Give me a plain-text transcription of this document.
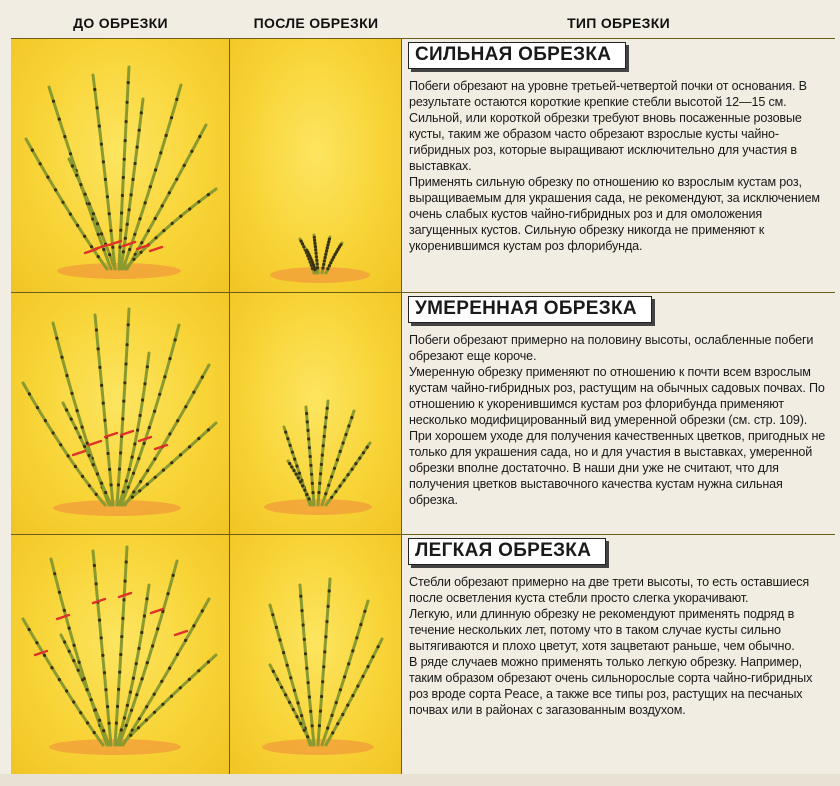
ДО ОБРЕЗКИ	ПОСЛЕ ОБРЕЗКИ	ТИП ОБРЕЗКИ
СИЛЬНАЯ ОБРЕЗКА

Побеги обрезают на уровне третьей-четвертой почки от основания. В результате остаются короткие крепкие стебли высотой 12—15 см. Сильной, или короткой обрезки требуют вновь посаженные розовые кусты, таким же образом часто обрезают взрослые кусты чайно-гибридных роз, которые выращивают исключительно для участия в выставках.

Применять сильную обрезку по отношению ко взрослым кустам роз, выращиваемым для украшения сада, не рекомендуют, за исключением очень слабых кустов чайно-гибридных роз и для омоложения загущенных кустов. Сильную обрезку никогда не применяют к укоренившимся кустам роз флорибунда.

УМЕРЕННАЯ ОБРЕЗКА

Побеги обрезают примерно на половину высоты, ослабленные побеги обрезают еще короче.

Умеренную обрезку применяют по отношению к почти всем взрослым кустам чайно-гибридных роз, растущим на обычных садовых почвах. По отношению к укоренившимся кустам роз флорибунда применяют несколько модифицированный вид умеренной обрезки (см. стр. 109).

При хорошем уходе для получения качественных цветков, пригодных не только для украшения сада, но и для участия в выставках, умеренной обрезки вполне достаточно. В наши дни уже не считают, что для получения цветков выставочного качества кустам нужна сильная обрезка.

ЛЕГКАЯ ОБРЕЗКА

Стебли обрезают примерно на две трети высоты, то есть оставшиеся после осветления куста стебли просто слегка укорачивают.

Легкую, или длинную обрезку не рекомендуют применять подряд в течение нескольких лет, потому что в таком случае кусты сильно вытягиваются и плохо цветут, хотя зацветают раньше, чем обычно.

В ряде случаев можно применять только легкую обрезку. Например, таким образом обрезают очень сильнорослые сорта чайно-гибридных роз вроде сорта Peace, а также все типы роз, растущих на песчаных почвах или в районах с загазованным воздухом.
